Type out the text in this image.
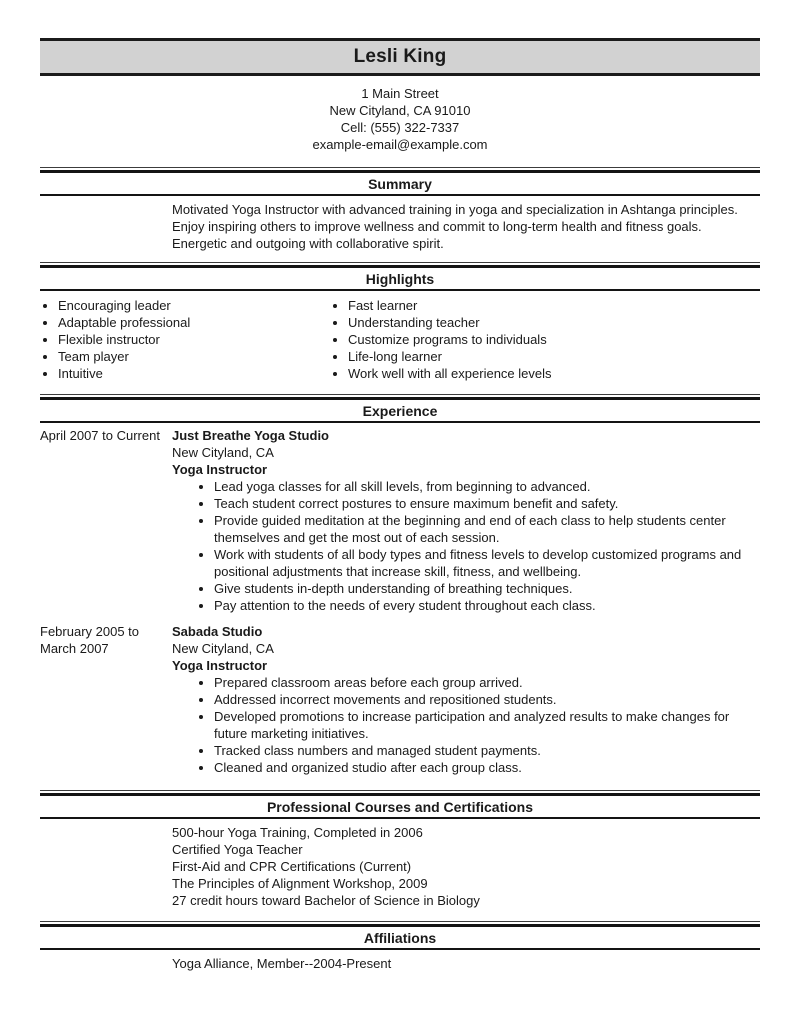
Lesli King
1 Main Street
New Cityland, CA 91010
Cell: (555) 322-7337
example-email@example.com
Summary

Motivated Yoga Instructor with advanced training in yoga and specialization in Ashtanga principles. Enjoy inspiring others to improve wellness and commit to long-term health and fitness goals. Energetic and outgoing with collaborative spirit.

Highlights
• Encouraging leader
• Adaptable professional
• Flexible instructor
• Team player
• Intuitive
• Fast learner
• Understanding teacher
• Customize programs to individuals
• Life-long learner
• Work well with all experience levels
Experience
April 2007 to Current Just Breathe Yoga Studio
New Cityland, CA
Yoga Instructor
• Lead yoga classes for all skill levels, from beginning to advanced.
• Teach student correct postures to ensure maximum benefit and safety.
• Provide guided meditation at the beginning and end of each class to help students center themselves and get the most out of each session.
• Work with students of all body types and fitness levels to develop customized programs and positional adjustments that increase skill, fitness, and wellbeing.
• Give students in-depth understanding of breathing techniques.
• Pay attention to the needs of every student throughout each class.
February 2005 to March 2007
Sabada Studio
New Cityland, CA
Yoga Instructor
• Prepared classroom areas before each group arrived.
• Addressed incorrect movements and repositioned students.
• Developed promotions to increase participation and analyzed results to make changes for future marketing initiatives.
• Tracked class numbers and managed student payments.
• Cleaned and organized studio after each group class.
Professional Courses and Certifications
500-hour Yoga Training, Completed in 2006
Certified Yoga Teacher
First-Aid and CPR Certifications (Current)
The Principles of Alignment Workshop, 2009
27 credit hours toward Bachelor of Science in Biology
Affiliations
Yoga Alliance, Member--2004-Present
